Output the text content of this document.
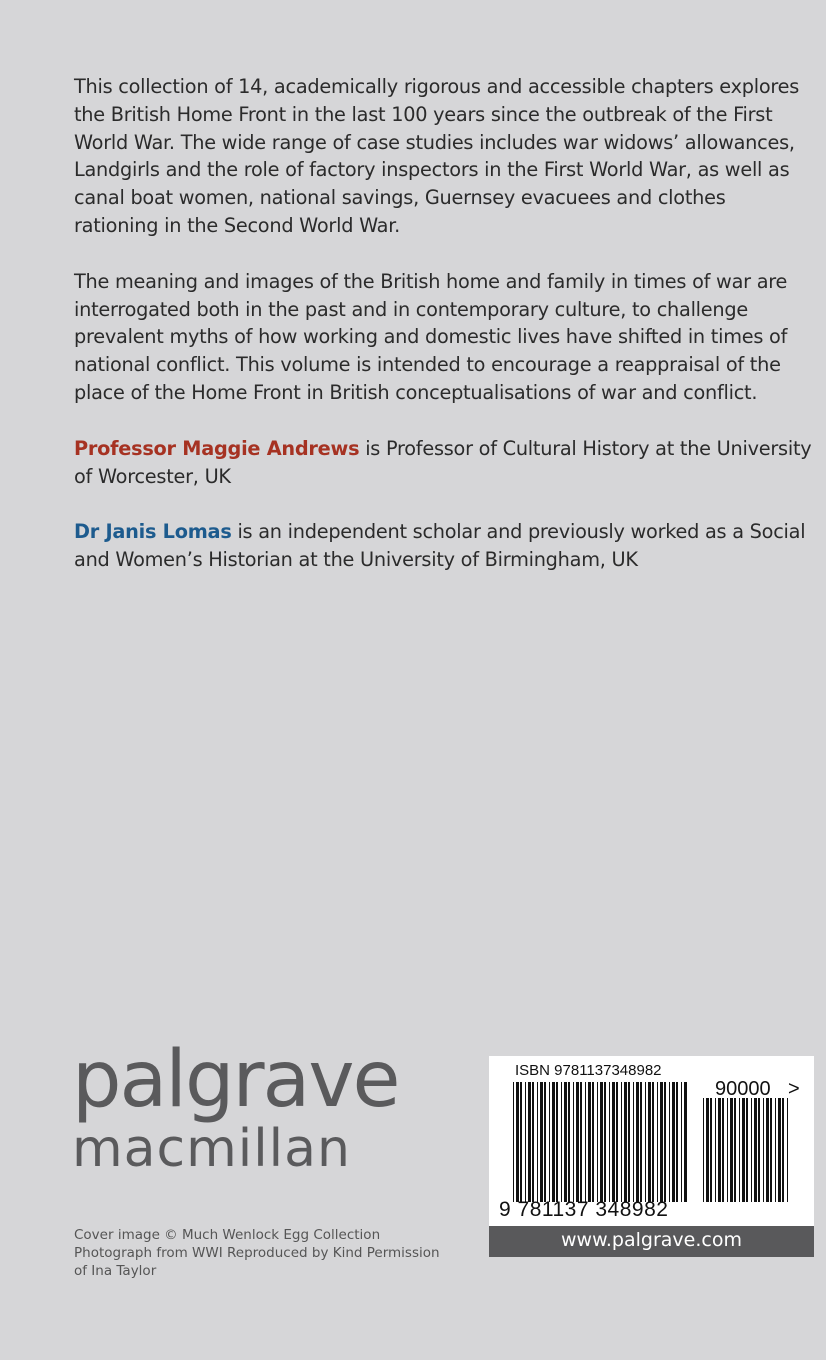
This collection of 14, academically rigorous and accessible chapters explores the British Home Front in the last 100 years since the outbreak of the First World War. The wide range of case studies includes war widows’ allowances, Landgirls and the role of factory inspectors in the First World War, as well as canal boat women, national savings, Guernsey evacuees and clothes rationing in the Second World War.

The meaning and images of the British home and family in times of war are interrogated both in the past and in contemporary culture, to challenge prevalent myths of how working and domestic lives have shifted in times of national conflict. This volume is intended to encourage a reappraisal of the place of the Home Front in British conceptualisations of war and conflict.

Professor Maggie Andrews is Professor of Cultural History at the University of Worcester, UK

Dr Janis Lomas is an independent scholar and previously worked as a Social and Women’s Historian at the University of Birmingham, UK

palgrave
macmillan
Cover image © Much Wenlock Egg Collection Photograph from WWI Reproduced by Kind Permission of Ina Taylor
ISBN 9781137348982
90000 >
9 781137 348982
www.palgrave.com
